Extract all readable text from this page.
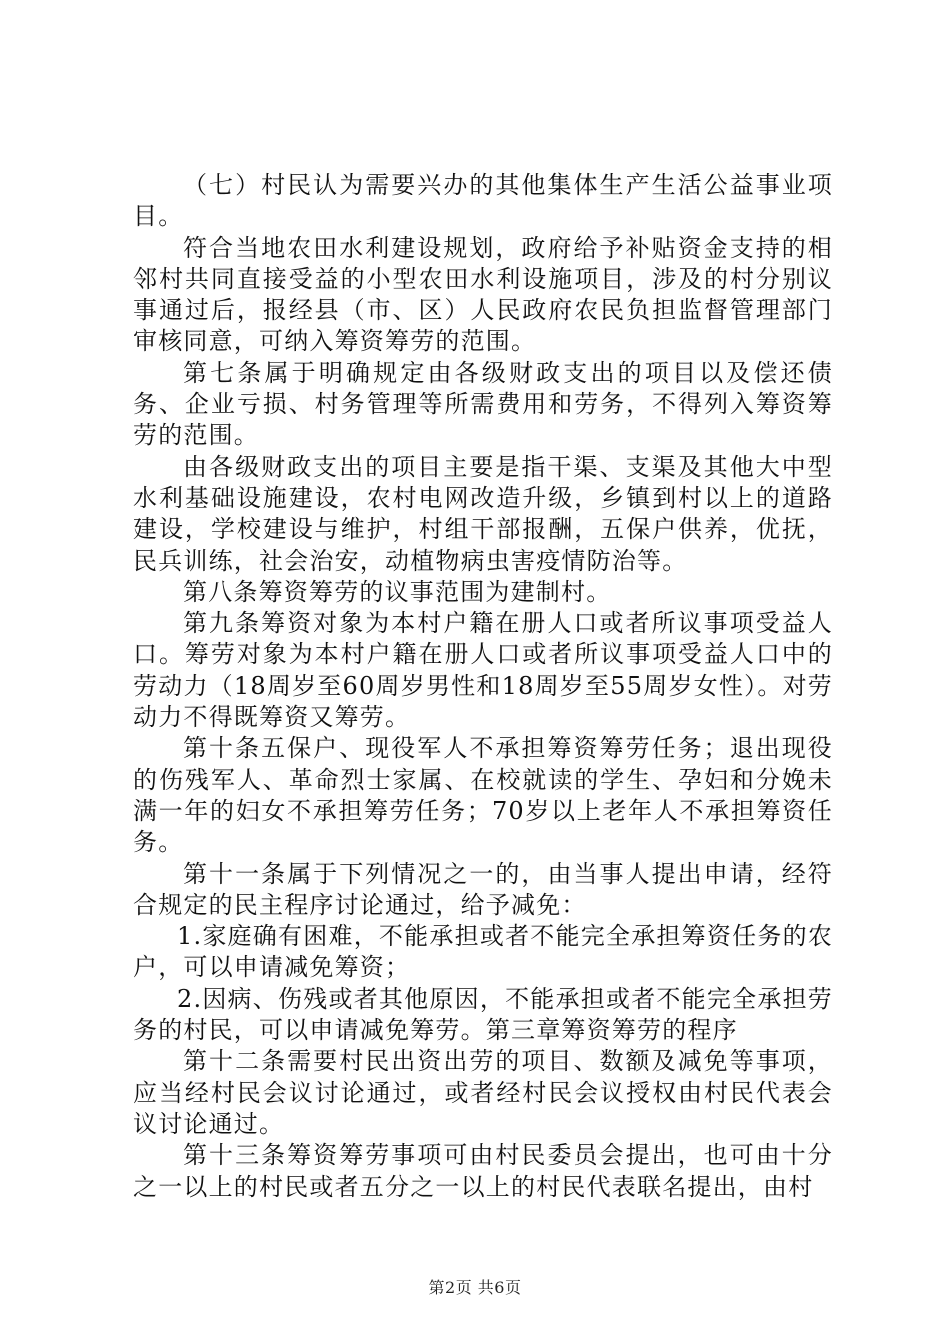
（七）村民认为需要兴办的其他集体生产生活公益事业项目。

符合当地农田水利建设规划，政府给予补贴资金支持的相邻村共同直接受益的小型农田水利设施项目，涉及的村分别议事通过后，报经县（市、区）人民政府农民负担监督管理部门审核同意，可纳入筹资筹劳的范围。

第七条属于明确规定由各级财政支出的项目以及偿还债务、企业亏损、村务管理等所需费用和劳务，不得列入筹资筹劳的范围。

由各级财政支出的项目主要是指干渠、支渠及其他大中型水利基础设施建设，农村电网改造升级，乡镇到村以上的道路建设，学校建设与维护，村组干部报酬，五保户供养，优抚，民兵训练，社会治安，动植物病虫害疫情防治等。

第八条筹资筹劳的议事范围为建制村。

第九条筹资对象为本村户籍在册人口或者所议事项受益人口。筹劳对象为本村户籍在册人口或者所议事项受益人口中的劳动力（18周岁至60周岁男性和18周岁至55周岁女性）。对劳动力不得既筹资又筹劳。

第十条五保户、现役军人不承担筹资筹劳任务；退出现役的伤残军人、革命烈士家属、在校就读的学生、孕妇和分娩未满一年的妇女不承担筹劳任务；70岁以上老年人不承担筹资任务。

第十一条属于下列情况之一的，由当事人提出申请，经符合规定的民主程序讨论通过，给予减免：

1.家庭确有困难，不能承担或者不能完全承担筹资任务的农户，可以申请减免筹资；

2.因病、伤残或者其他原因，不能承担或者不能完全承担劳务的村民，可以申请减免筹劳。第三章筹资筹劳的程序

第十二条需要村民出资出劳的项目、数额及减免等事项，应当经村民会议讨论通过，或者经村民会议授权由村民代表会议讨论通过。

第十三条筹资筹劳事项可由村民委员会提出，也可由十分之一以上的村民或者五分之一以上的村民代表联名提出，由村

第2页 共6页
